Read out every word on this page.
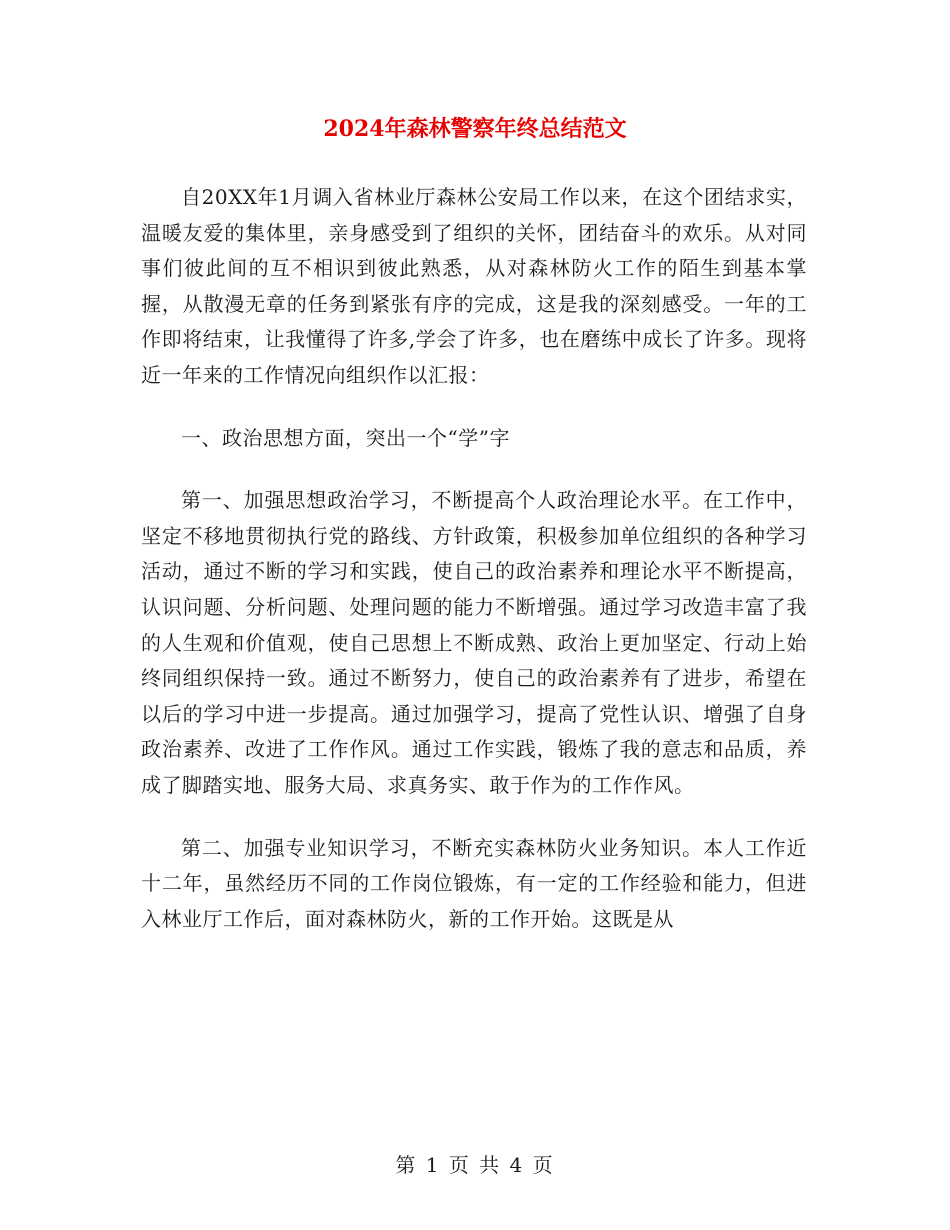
2024年森林警察年终总结范文

自20XX年1月调入省林业厅森林公安局工作以来，在这个团结求实，温暖友爱的集体里，亲身感受到了组织的关怀，团结奋斗的欢乐。从对同事们彼此间的互不相识到彼此熟悉，从对森林防火工作的陌生到基本掌握，从散漫无章的任务到紧张有序的完成，这是我的深刻感受。一年的工作即将结束，让我懂得了许多,学会了许多，也在磨练中成长了许多。现将近一年来的工作情况向组织作以汇报：

一、政治思想方面，突出一个“学”字

第一、加强思想政治学习，不断提高个人政治理论水平。在工作中，坚定不移地贯彻执行党的路线、方针政策，积极参加单位组织的各种学习活动，通过不断的学习和实践，使自己的政治素养和理论水平不断提高，认识问题、分析问题、处理问题的能力不断增强。通过学习改造丰富了我的人生观和价值观，使自己思想上不断成熟、政治上更加坚定、行动上始终同组织保持一致。通过不断努力，使自己的政治素养有了进步，希望在以后的学习中进一步提高。通过加强学习，提高了党性认识、增强了自身政治素养、改进了工作作风。通过工作实践，锻炼了我的意志和品质，养成了脚踏实地、服务大局、求真务实、敢于作为的工作作风。

第二、加强专业知识学习，不断充实森林防火业务知识。本人工作近十二年，虽然经历不同的工作岗位锻炼，有一定的工作经验和能力，但进入林业厅工作后，面对森林防火，新的工作开始。这既是从

第 1 页 共 4 页
